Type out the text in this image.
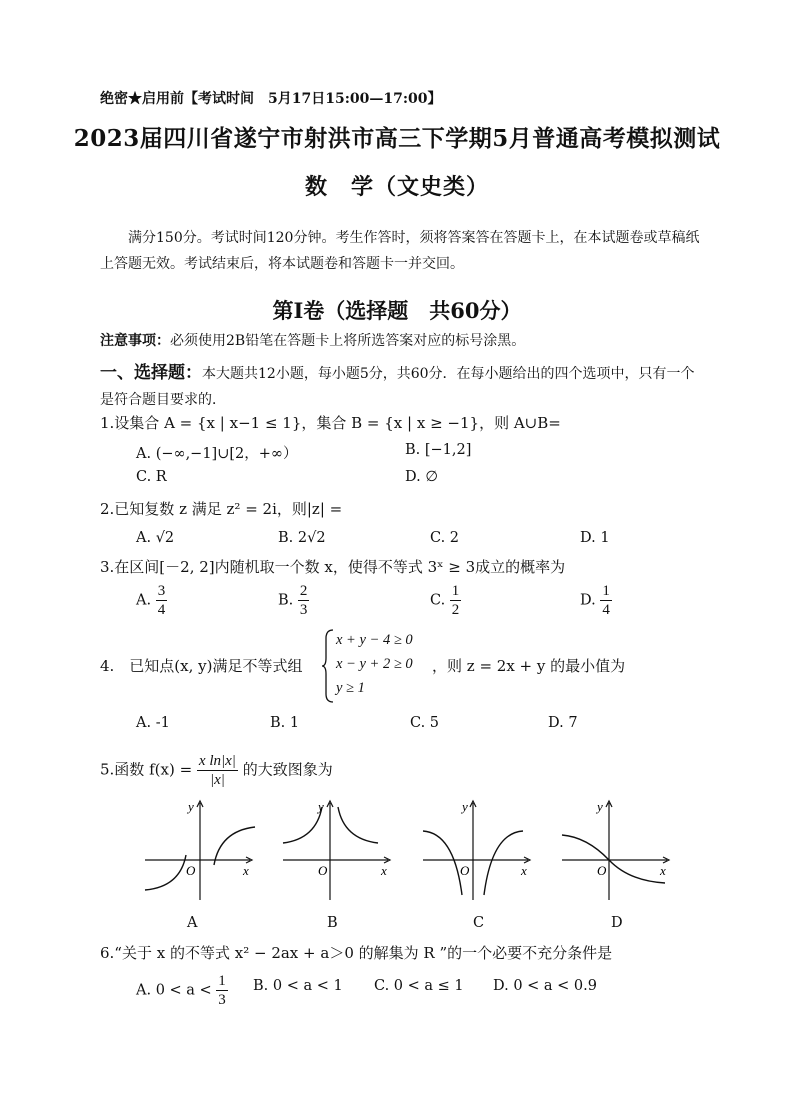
绝密★启用前【考试时间　5月17日15:00—17:00】
2023届四川省遂宁市射洪市高三下学期5月普通高考模拟测试
数　学（文史类）
满分150分。考试时间120分钟。考生作答时，须将答案答在答题卡上，在本试题卷或草稿纸上答题无效。考试结束后，将本试题卷和答题卡一并交回。
第Ⅰ卷（选择题　共60分）
注意事项：必须使用2B铅笔在答题卡上将所选答案对应的标号涂黑。
一、选择题：本大题共12小题，每小题5分，共60分．在每小题给出的四个选项中，只有一个是符合题目要求的．
1.设集合 A = {x | x−1 ≤ 1}，集合 B = {x | x ≥ −1}，则 A∪B=
A. (−∞,−1]∪[2，+∞）	B. [−1,2]
C. R	D. ∅
2.已知复数 z 满足 z² = 2i，则|z| =
A. √2	B. 2√2	C. 2	D. 1
3.在区间[－2, 2]内随机取一个数 x，使得不等式 3ˣ ≥ 3成立的概率为
A. $\frac{3}{4}$	B. $\frac{2}{3}$	C. $\frac{1}{2}$	D. $\frac{1}{4}$
4.　已知点(x, y)满足不等式组
x + y − 4 ≥ 0
x − y + 2 ≥ 0
y ≥ 1
，则 z = 2x + y 的最小值为
A. -1	B. 1	C. 5	D. 7
5.函数 $f(x) = \frac{\text{x ln|x|}}{|x|}$ 的大致图象为
x
y
O	x
y
O	x
y
O	x
y
O
A	B	C	D
6.“关于 x 的不等式 x² − 2ax + a＞0 的解集为 R ”的一个必要不充分条件是
A. $0 < a < \frac{1}{3} B$. 0 < a < 1 C. 0 < a ≤ 1 D. 0 < a < 0.9
